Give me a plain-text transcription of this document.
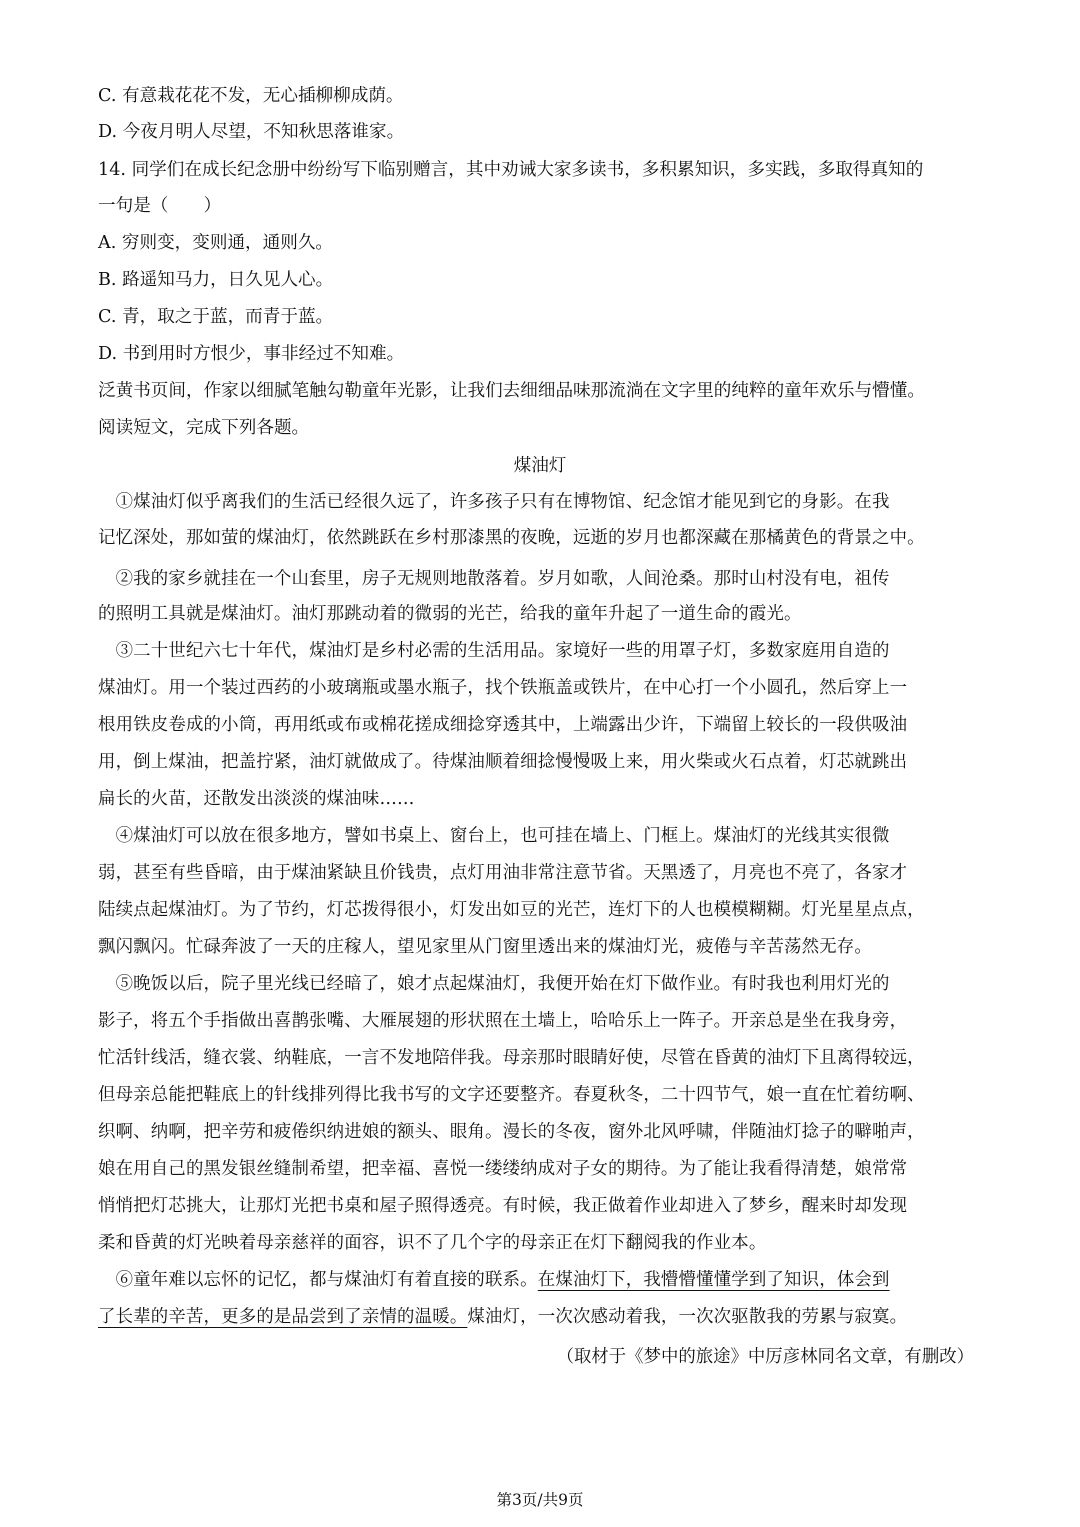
C. 有意栽花花不发，无心插柳柳成荫。
D. 今夜月明人尽望，不知秋思落谁家。
14. 同学们在成长纪念册中纷纷写下临别赠言，其中劝诫大家多读书，多积累知识，多实践，多取得真知的
一句是（　　）
A. 穷则变，变则通，通则久。
B. 路遥知马力，日久见人心。
C. 青，取之于蓝，而青于蓝。
D. 书到用时方恨少，事非经过不知难。
泛黄书页间，作家以细腻笔触勾勒童年光影，让我们去细细品味那流淌在文字里的纯粹的童年欢乐与懵懂。
阅读短文，完成下列各题。
煤油灯
　①煤油灯似乎离我们的生活已经很久远了，许多孩子只有在博物馆、纪念馆才能见到它的身影。在我
记忆深处，那如萤的煤油灯，依然跳跃在乡村那漆黑的夜晚，远逝的岁月也都深藏在那橘黄色的背景之中。
　②我的家乡就挂在一个山套里，房子无规则地散落着。岁月如歌，人间沧桑。那时山村没有电，祖传
的照明工具就是煤油灯。油灯那跳动着的微弱的光芒，给我的童年升起了一道生命的霞光。
　③二十世纪六七十年代，煤油灯是乡村必需的生活用品。家境好一些的用罩子灯，多数家庭用自造的
煤油灯。用一个装过西药的小玻璃瓶或墨水瓶子，找个铁瓶盖或铁片，在中心打一个小圆孔，然后穿上一
根用铁皮卷成的小筒，再用纸或布或棉花搓成细捻穿透其中，上端露出少许，下端留上较长的一段供吸油
用，倒上煤油，把盖拧紧，油灯就做成了。待煤油顺着细捻慢慢吸上来，用火柴或火石点着，灯芯就跳出
扁长的火苗，还散发出淡淡的煤油味……
　④煤油灯可以放在很多地方，譬如书桌上、窗台上，也可挂在墙上、门框上。煤油灯的光线其实很微
弱，甚至有些昏暗，由于煤油紧缺且价钱贵，点灯用油非常注意节省。天黑透了，月亮也不亮了，各家才
陆续点起煤油灯。为了节约，灯芯拨得很小，灯发出如豆的光芒，连灯下的人也模模糊糊。灯光星星点点，
飘闪飘闪。忙碌奔波了一天的庄稼人，望见家里从门窗里透出来的煤油灯光，疲倦与辛苦荡然无存。
　⑤晚饭以后，院子里光线已经暗了，娘才点起煤油灯，我便开始在灯下做作业。有时我也利用灯光的
影子，将五个手指做出喜鹊张嘴、大雁展翅的形状照在土墙上，哈哈乐上一阵子。开亲总是坐在我身旁，
忙活针线活，缝衣裳、纳鞋底，一言不发地陪伴我。母亲那时眼睛好使，尽管在昏黄的油灯下且离得较远，
但母亲总能把鞋底上的针线排列得比我书写的文字还要整齐。春夏秋冬，二十四节气，娘一直在忙着纺啊、
织啊、纳啊，把辛劳和疲倦织纳进娘的额头、眼角。漫长的冬夜，窗外北风呼啸，伴随油灯捻子的噼啪声，
娘在用自己的黑发银丝缝制希望，把幸福、喜悦一缕缕纳成对子女的期待。为了能让我看得清楚，娘常常
悄悄把灯芯挑大，让那灯光把书桌和屋子照得透亮。有时候，我正做着作业却进入了梦乡，醒来时却发现
柔和昏黄的灯光映着母亲慈祥的面容，识不了几个字的母亲正在灯下翻阅我的作业本。
　⑥童年难以忘怀的记忆，都与煤油灯有着直接的联系。在煤油灯下，我懵懵懂懂学到了知识，体会到
了长辈的辛苦，更多的是品尝到了亲情的温暖。煤油灯，一次次感动着我，一次次驱散我的劳累与寂寞。
（取材于《梦中的旅途》中厉彦林同名文章，有删改）
第3页/共9页
